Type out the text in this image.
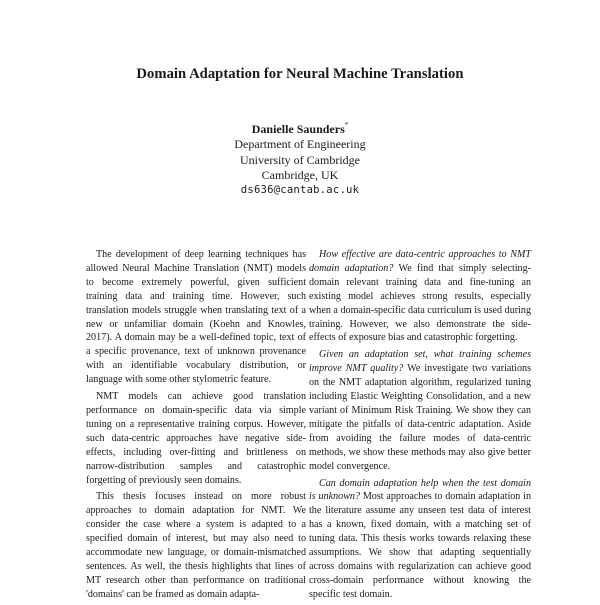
Domain Adaptation for Neural Machine Translation
Danielle Saunders*
Department of Engineering
University of Cambridge
Cambridge, UK
ds636@cantab.ac.uk

The development of deep learning techniques has allowed Neural Machine Translation (NMT) models to become extremely powerful, given sufficient training data and training time. However, such translation models struggle when translating text of a new or unfamiliar domain (Koehn and Knowles, 2017). A domain may be a well-defined topic, text of a specific provenance, text of unknown provenance with an identifiable vocabulary distribution, or language with some other stylometric feature.

NMT models can achieve good translation performance on domain-specific data via simple tuning on a representative training corpus. However, such data-centric approaches have negative side-effects, including over-fitting and brittleness on narrow-distribution samples and catastrophic forgetting of previously seen domains.

This thesis focuses instead on more robust approaches to domain adaptation for NMT. We consider the case where a system is adapted to a specified domain of interest, but may also need to accommodate new language, or domain-mismatched sentences. As well, the thesis highlights that lines of MT research other than performance on traditional 'domains' can be framed as domain adapta-

How effective are data-centric approaches to NMT domain adaptation? We find that simply selecting-domain relevant training data and fine-tuning an existing model achieves strong results, especially when a domain-specific data curriculum is used during training. However, we also demonstrate the side-effects of exposure bias and catastrophic forgetting.

Given an adaptation set, what training schemes improve NMT quality? We investigate two variations on the NMT adaptation algorithm, regularized tuning including Elastic Weighting Consolidation, and a new variant of Minimum Risk Training. We show they can mitigate the pitfalls of data-centric adaptation. Aside from avoiding the failure modes of data-centric methods, we show these methods may also give better model convergence.

Can domain adaptation help when the test domain is unknown? Most approaches to domain adaptation in the literature assume any unseen test data of interest has a known, fixed domain, with a matching set of tuning data. This thesis works towards relaxing these assumptions. We show that adapting sequentially across domains with regularization can achieve good cross-domain performance without knowing the specific test domain.
